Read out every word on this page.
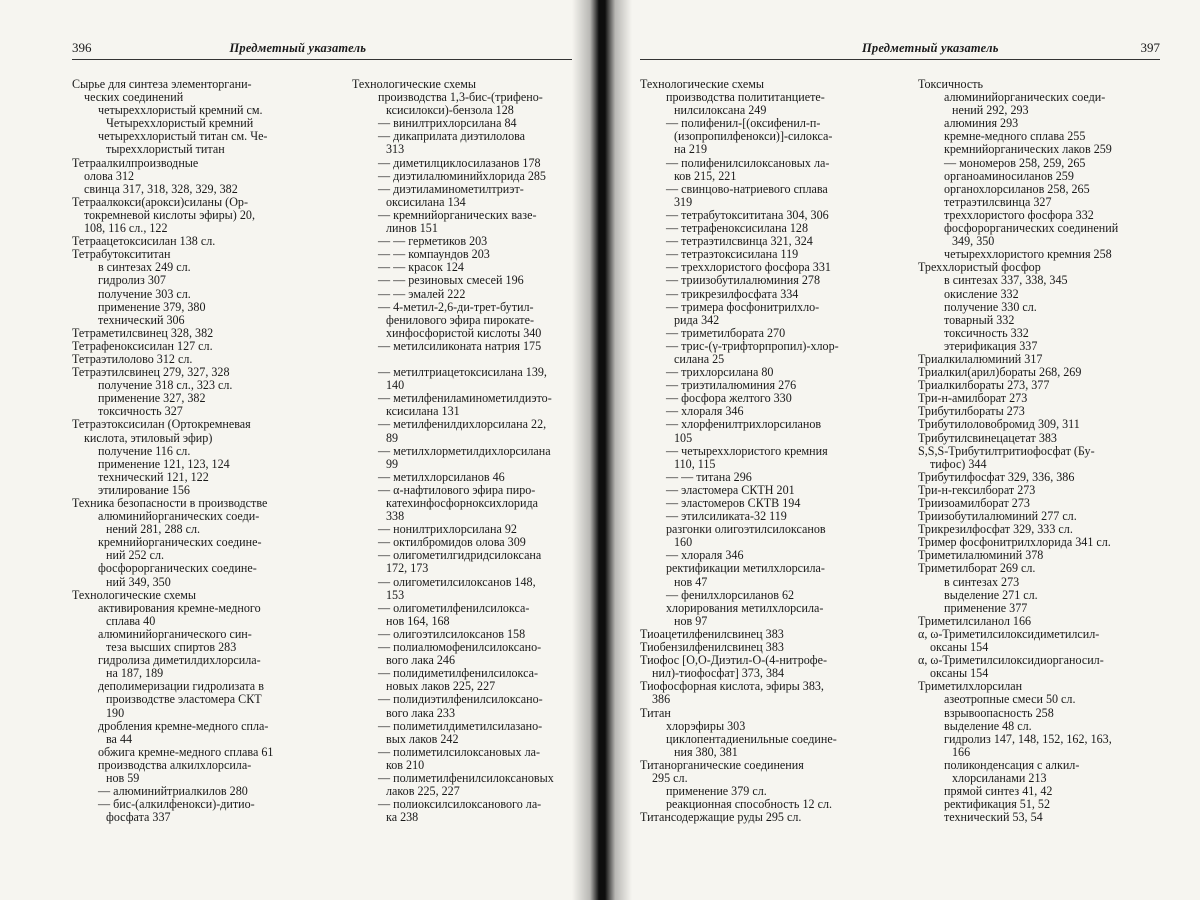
396	Предметный указатель
Сырье для синтеза элементоргани-
ческих соединений
четыреххлористый кремний см.
Четыреххлористый кремний
четыреххлористый титан см. Че-
тыреххлористый титан
Тетраалкилпроизводные
олова 312
свинца 317, 318, 328, 329, 382
Тетраалкокси(арокси)силаны (Ор-
токремневой кислоты эфиры) 20,
108, 116 сл., 122
Тетраацетоксисилан 138 сл.
Тетрабутоксититан
в синтезах 249 сл.
гидролиз 307
получение 303 сл.
применение 379, 380
технический 306
Тетраметилсвинец 328, 382
Тетрафеноксисилан 127 сл.
Тетраэтилолово 312 сл.
Тетраэтилсвинец 279, 327, 328
получение 318 сл., 323 сл.
применение 327, 382
токсичность 327
Тетраэтоксисилан (Ортокремневая
кислота, этиловый эфир)
получение 116 сл.
применение 121, 123, 124
технический 121, 122
этилирование 156
Техника безопасности в производстве
алюминийорганических соеди-
нений 281, 288 сл.
кремнийорганических соедине-
ний 252 сл.
фосфорорганических соедине-
ний 349, 350
Технологические схемы
активирования кремне-медного
сплава 40
алюминийорганического син-
теза высших спиртов 283
гидролиза диметилдихлорсила-
на 187, 189
деполимеризации гидролизата в
производстве эластомера СКТ
190
дробления кремне-медного спла-
ва 44
обжига кремне-медного сплава 61
производства алкилхлорсила-
нов 59
— алюминийтриалкилов 280
— бис-(алкилфенокси)-дитио-
фосфата 337
Технологические схемы
производства 1,3-бис-(трифено-
ксисилокси)-бензола 128
— винилтрихлорсилана 84
— дикаприлата диэтилолова
313
— диметилциклосилазанов 178
— диэтилалюминийхлорида 285
— диэтиламинометилтриэт-
оксисилана 134
— кремнийорганических вазе-
линов 151
— — герметиков 203
— — компаундов 203
— — красок 124
— — резиновых смесей 196
— — эмалей 222
— 4-метил-2,6-ди-трет-бутил-
фенилового эфира пирокате-
хинфосфористой кислоты 340
— метилсиликоната натрия 175

— метилтриацетоксисилана 139,
140
— метилфениламинометилдиэто-
ксисилана 131
— метилфенилдихлорсилана 22,
89
— метилхлорметилдихлорсилана
99
— метилхлорсиланов 46
— α-нафтилового эфира пиро-
катехинфосфорноксихлорида
338
— нонилтрихлорсилана 92
— октилбромидов олова 309
— олигометилгидридсилоксана
172, 173
— олигометилсилоксанов 148,
153
— олигометилфенилсилокса-
нов 164, 168
— олигоэтилсилоксанов 158
— полиалюмофенилсилоксано-
вого лака 246
— полидиметилфенилсилокса-
новых лаков 225, 227
— полидиэтилфенилсилоксано-
вого лака 233
— полиметилдиметилсилазано-
вых лаков 242
— полиметилсилоксановых ла-
ков 210
— полиметилфенилсилоксановых
лаков 225, 227
— полиоксилсилоксанового ла-
ка 238
Предметный указатель	397
Технологические схемы
производства полититанциете-
нилсилоксана 249
— полифенил-[(оксифенил-п-
(изопропилфенокси)]-силокса-
на 219
— полифенилсилоксановых ла-
ков 215, 221
— свинцово-натриевого сплава
319
— тетрабутоксититана 304, 306
— тетрафеноксисилана 128
— тетраэтилсвинца 321, 324
— тетраэтоксисилана 119
— треххлористого фосфора 331
— триизобутилалюминия 278
— трикрезилфосфата 334
— тримера фосфонитрилхло-
рида 342
— триметилбората 270
— трис-(γ-трифторпропил)-хлор-
силана 25
— трихлорсилана 80
— триэтилалюминия 276
— фосфора желтого 330
— хлораля 346
— хлорфенилтрихлорсиланов
105
— четыреххлористого кремния
110, 115
— — титана 296
— эластомера СКТН 201
— эластомеров СКТВ 194
— этилсиликата-32 119
разгонки олигоэтилсилоксанов
160
— хлораля 346
ректификации метилхлорсила-
нов 47
— фенилхлорсиланов 62
хлорирования метилхлорсила-
нов 97
Тиоацетилфенилсвинец 383
Тиобензилфенилсвинец 383
Тиофос [О,О-Диэтил-О-(4-нитрофе-
нил)-тиофосфат] 373, 384
Тиофосфорная кислота, эфиры 383,
386
Титан
хлорэфиры 303
циклопентадиенильные соедине-
ния 380, 381
Титанорганические соединения
295 сл.
применение 379 сл.
реакционная способность 12 сл.
Титансодержащие руды 295 сл.
Токсичность
алюминийорганических соеди-
нений 292, 293
алюминия 293
кремне-медного сплава 255
кремнийорганических лаков 259
— мономеров 258, 259, 265
органоаминосиланов 259
органохлорсиланов 258, 265
тетраэтилсвинца 327
треххлористого фосфора 332
фосфорорганических соединений
349, 350
четыреххлористого кремния 258
Треххлористый фосфор
в синтезах 337, 338, 345
окисление 332
получение 330 сл.
товарный 332
токсичность 332
этерификация 337
Триалкилалюминий 317
Триалкил(арил)бораты 268, 269
Триалкилбораты 273, 377
Три-н-амилборат 273
Трибутилбораты 273
Трибутилоловобромид 309, 311
Трибутилсвинецацетат 383
S,S,S-Трибутилтритиофосфат (Бу-
тифос) 344
Трибутилфосфат 329, 336, 386
Три-н-гексилборат 273
Триизоамилборат 273
Триизобутилалюминий 277 сл.
Трикрезилфосфат 329, 333 сл.
Тример фосфонитрилхлорида 341 сл.
Триметилалюминий 378
Триметилборат 269 сл.
в синтезах 273
выделение 271 сл.
применение 377
Триметилсиланол 166
α, ω-Триметилсилоксидиметилсил-
оксаны 154
α, ω-Триметилсилоксидиорганосил-
оксаны 154
Триметилхлорсилан
азеотропные смеси 50 сл.
взрывоопасность 258
выделение 48 сл.
гидролиз 147, 148, 152, 162, 163,
166
поликонденсация с алкил-
хлорсиланами 213
прямой синтез 41, 42
ректификация 51, 52
технический 53, 54
